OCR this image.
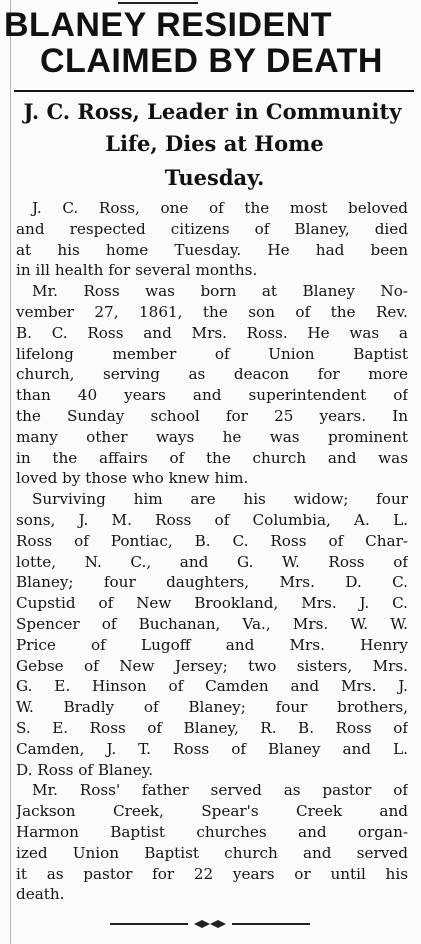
BLANEY RESIDENT
CLAIMED BY DEATH
J. C. Ross, Leader in Community
Life, Dies at Home
Tuesday.
J. C. Ross, one of the most beloved
and respected citizens of Blaney, died
at his home Tuesday. He had been
in ill health for several months.
Mr. Ross was born at Blaney No-
vember 27, 1861, the son of the Rev.
B. C. Ross and Mrs. Ross. He was a
lifelong member of Union Baptist
church, serving as deacon for more
than 40 years and superintendent of
the Sunday school for 25 years. In
many other ways he was prominent
in the affairs of the church and was
loved by those who knew him.
Surviving him are his widow; four
sons, J. M. Ross of Columbia, A. L.
Ross of Pontiac, B. C. Ross of Char-
lotte, N. C., and G. W. Ross of
Blaney; four daughters, Mrs. D. C.
Cupstid of New Brookland, Mrs. J. C.
Spencer of Buchanan, Va., Mrs. W. W.
Price of Lugoff and Mrs. Henry
Gebse of New Jersey; two sisters, Mrs.
G. E. Hinson of Camden and Mrs. J.
W. Bradly of Blaney; four brothers,
S. E. Ross of Blaney, R. B. Ross of
Camden, J. T. Ross of Blaney and L.
D. Ross of Blaney.
Mr. Ross' father served as pastor of
Jackson Creek, Spear's Creek and
Harmon Baptist churches and organ-
ized Union Baptist church and served
it as pastor for 22 years or until his
death.
